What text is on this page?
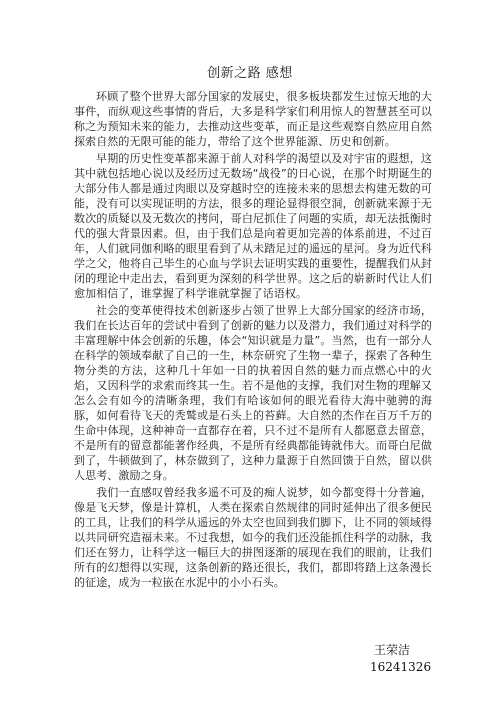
创新之路 感想

环顾了整个世界大部分国家的发展史，很多板块都发生过惊天地的大事件，而纵观这些事情的背后，大多是科学家们利用惊人的智慧甚至可以称之为预知未来的能力，去推动这些变革，而正是这些观察自然应用自然探索自然的无限可能的能力，带给了这个世界能源、历史和创新。

早期的历史性变革都来源于前人对科学的渴望以及对宇宙的遐想，这其中就包括地心说以及经历过无数场“战役”的日心说，在那个时期诞生的大部分伟人都是通过肉眼以及穿越时空的连接未来的思想去构建无数的可能，没有可以实现证明的方法，很多的理论显得很空洞，创新就来源于无数次的质疑以及无数次的拷问，哥白尼抓住了问题的实质，却无法抵衡时代的强大背景因素。但，由于我们总是向着更加完善的体系前进，不过百年，人们就同伽利略的眼里看到了从未踏足过的遥远的星河。身为近代科学之父，他将自己毕生的心血与学识去证明实践的重要性，提醒我们从封闭的理论中走出去，看到更为深刻的科学世界。这之后的崭新时代让人们愈加相信了，谁掌握了科学谁就掌握了话语权。

社会的变革使得技术创新逐步占领了世界上大部分国家的经济市场，我们在长达百年的尝试中看到了创新的魅力以及潜力，我们通过对科学的丰富理解中体会创新的乐趣，体会“知识就是力量”。当然，也有一部分人在科学的领域奉献了自己的一生，林奈研究了生物一辈子，探索了各种生物分类的方法，这种几十年如一日的执着因自然的魅力而点燃心中的火焰，又因科学的求索而终其一生。若不是他的支撑，我们对生物的理解又怎么会有如今的清晰条理，我们有哈该如何的眼光看待大海中驰骋的海豚，如何看待飞天的秃鹫或是石头上的苔藓。大自然的杰作在百万千万的生命中体现，这种神奇一直都存在着，只不过不是所有人都愿意去留意，不是所有的留意都能著作经典，不是所有经典都能铸就伟大。而哥白尼做到了，牛顿做到了，林奈做到了，这种力量源于自然回馈于自然，留以供人思考、激励之身。

我们一直感叹曾经我多遥不可及的痴人说梦，如今都变得十分普遍，像是飞天梦，像是计算机，人类在探索自然规律的同时延伸出了很多便民的工具，让我们的科学从遥远的外太空也回到我们脚下，让不同的领域得以共同研究造福未来。不过我想，如今的我们还没能抓住科学的动脉，我们还在努力，让科学这一幅巨大的拼图逐渐的展现在我们的眼前，让我们所有的幻想得以实现，这条创新的路还很长，我们，都即将踏上这条漫长的征途，成为一粒嵌在水泥中的小小石头。

王荣洁
16241326
